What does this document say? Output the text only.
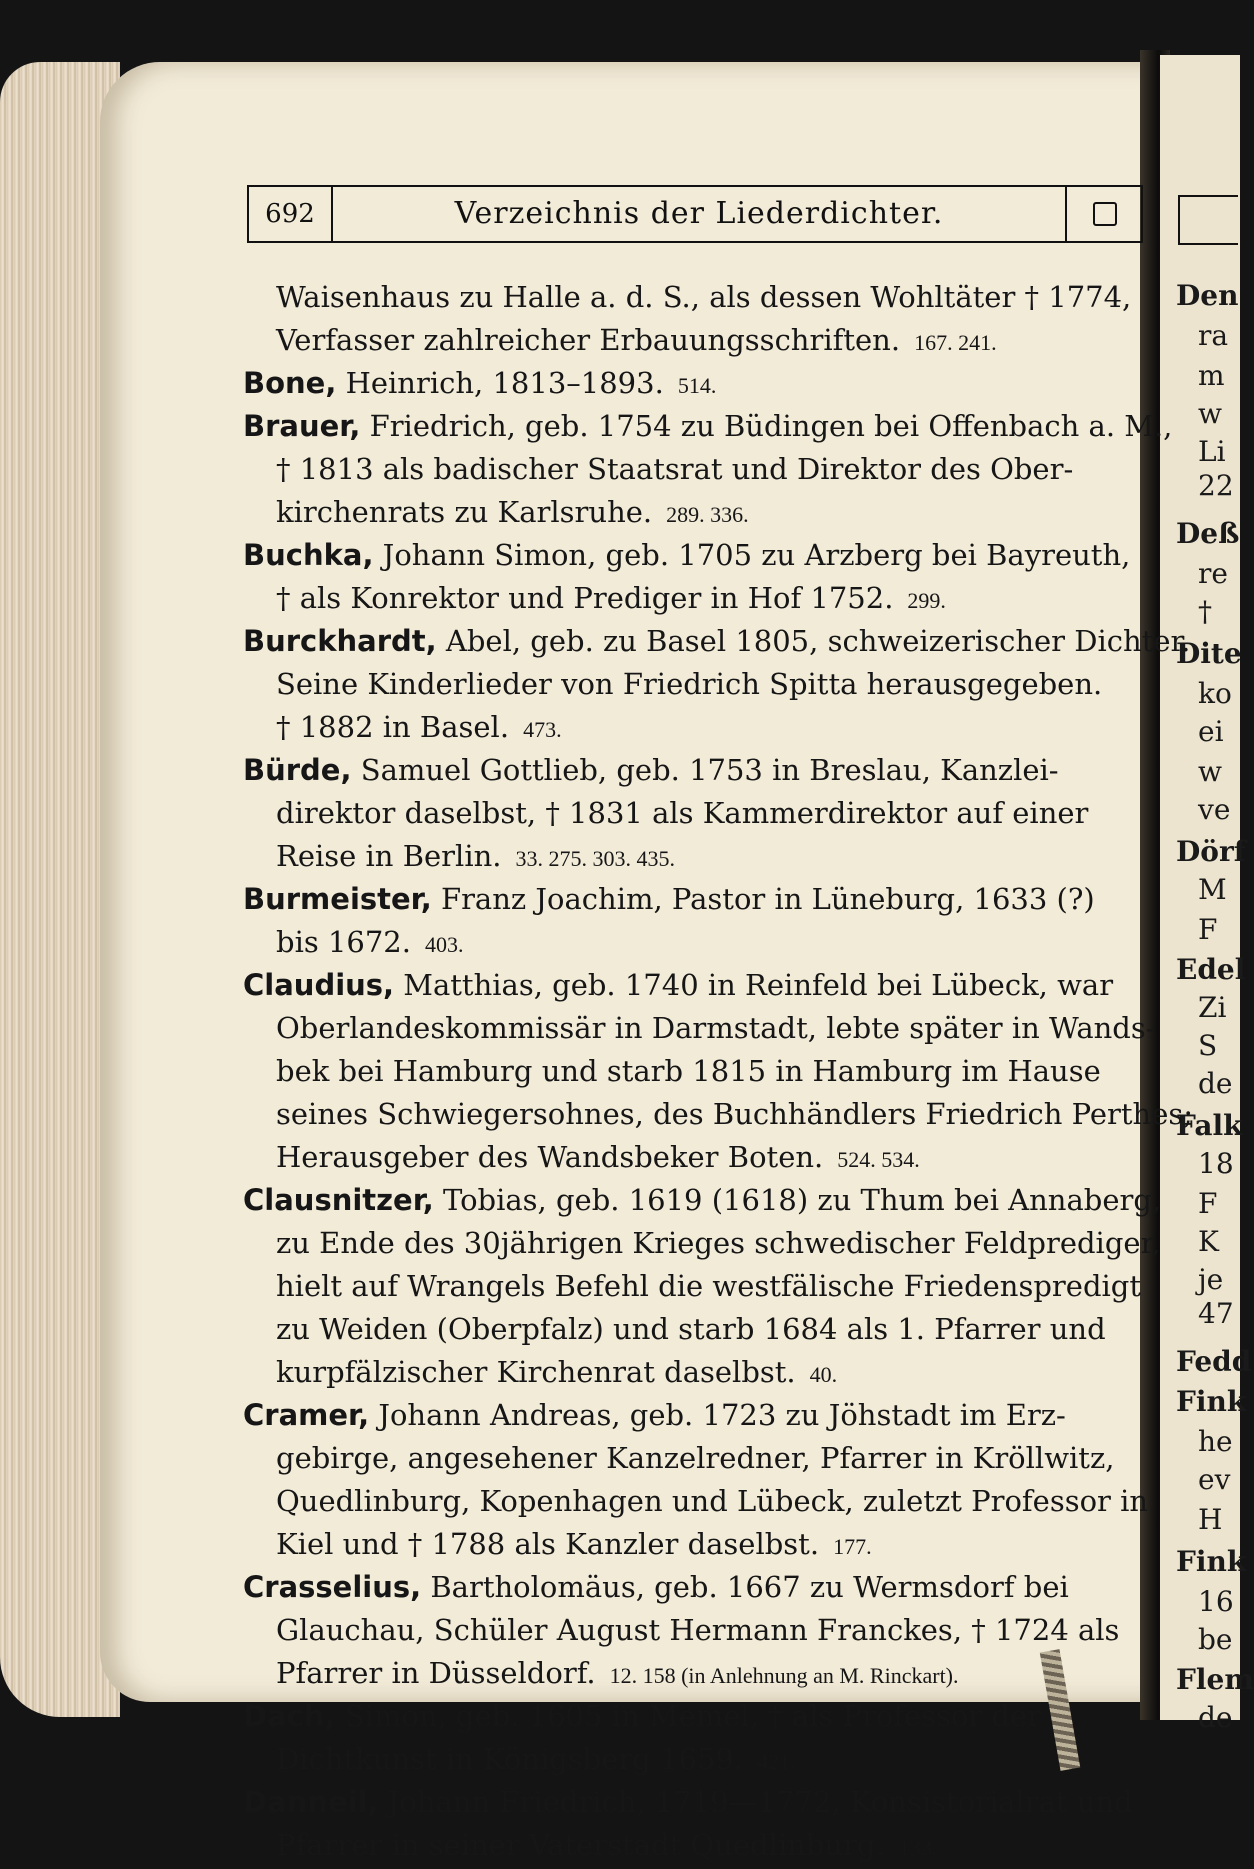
Den
ra
m
w
Li
22
Deß
re
†
Dite
ko
ei
w
ve
Dörf
M
F
Edel
Zi
S
de
Falk
18
F
K
je
47
Fedd
Fink
he
ev
H
Fink
16
be
Flem
de
692	Verzeichnis der Liederdichter.
Waisenhaus zu Halle a. d. S., als dessen Wohltäter † 1774,
Verfasser zahlreicher Erbauungsschriften. 167. 241.
Bone, Heinrich, 1813–1893. 514.
Brauer, Friedrich, geb. 1754 zu Büdingen bei Offenbach a. M.,
† 1813 als badischer Staatsrat und Direktor des Ober-
kirchenrats zu Karlsruhe. 289. 336.
Buchka, Johann Simon, geb. 1705 zu Arzberg bei Bayreuth,
† als Konrektor und Prediger in Hof 1752. 299.
Burckhardt, Abel, geb. zu Basel 1805, schweizerischer Dichter.
Seine Kinderlieder von Friedrich Spitta herausgegeben.
† 1882 in Basel. 473.
Bürde, Samuel Gottlieb, geb. 1753 in Breslau, Kanzlei-
direktor daselbst, † 1831 als Kammerdirektor auf einer
Reise in Berlin. 33. 275. 303. 435.
Burmeister, Franz Joachim, Pastor in Lüneburg, 1633 (?)
bis 1672. 403.
Claudius, Matthias, geb. 1740 in Reinfeld bei Lübeck, war
Oberlandeskommissär in Darmstadt, lebte später in Wands-
bek bei Hamburg und starb 1815 in Hamburg im Hause
seines Schwiegersohnes, des Buchhändlers Friedrich Perthes;
Herausgeber des Wandsbeker Boten. 524. 534.
Clausnitzer, Tobias, geb. 1619 (1618) zu Thum bei Annaberg,
zu Ende des 30jährigen Krieges schwedischer Feldprediger,
hielt auf Wrangels Befehl die westfälische Friedenspredigt
zu Weiden (Oberpfalz) und starb 1684 als 1. Pfarrer und
kurpfälzischer Kirchenrat daselbst. 40.
Cramer, Johann Andreas, geb. 1723 zu Jöhstadt im Erz-
gebirge, angesehener Kanzelredner, Pfarrer in Kröllwitz,
Quedlinburg, Kopenhagen und Lübeck, zuletzt Professor in
Kiel und † 1788 als Kanzler daselbst. 177.
Crasselius, Bartholomäus, geb. 1667 zu Wermsdorf bei
Glauchau, Schüler August Hermann Franckes, † 1724 als
Pfarrer in Düsseldorf. 12. 158 (in Anlehnung an M. Rinckart).
Dach, Simon, geb. 1605 in Memel, † als Professor der
Dichtkunst in Königsberg 1659. 421.
Danneil, Johann Friedrich, 1719—1772, Konsistorialrat und
Pfarrer in seiner Vaterstadt Quedlinburg. 133.
